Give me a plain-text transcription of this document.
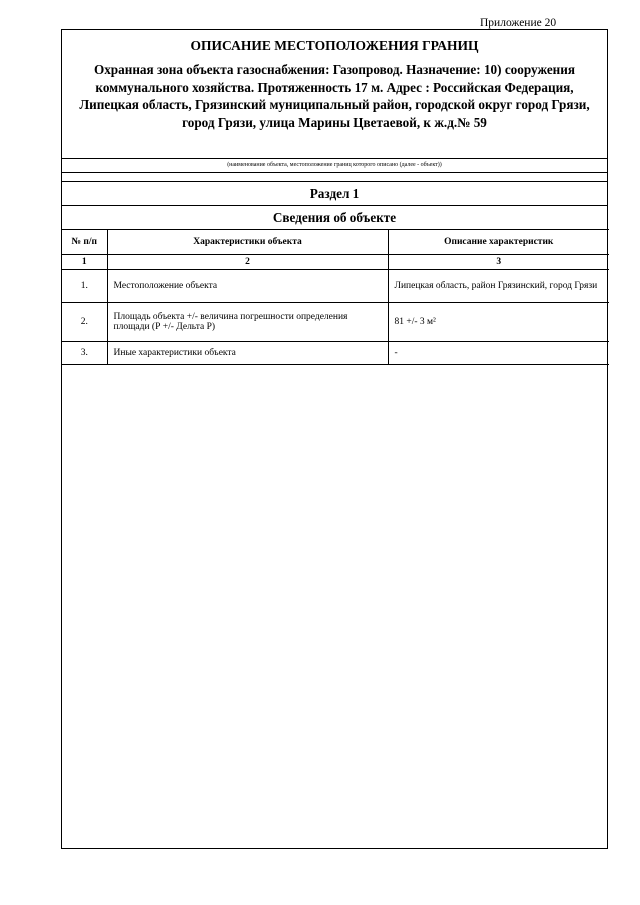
Приложение 20
ОПИСАНИЕ МЕСТОПОЛОЖЕНИЯ ГРАНИЦ
Охранная зона объекта газоснабжения: Газопровод. Назначение: 10) сооружения коммунального хозяйства. Протяженность 17 м. Адрес : Российская Федерация, Липецкая область, Грязинский муниципальный район, городской округ город Грязи, город Грязи, улица Марины Цветаевой, к ж.д.№ 59
(наименование объекта, местоположение границ которого описано (далее - объект))
Раздел 1
Сведения об объекте
№ п/п	Характеристики объекта	Описание характеристик
1	2	3
1.	Местоположение объекта	Липецкая область, район Грязинский, город Грязи
2.	Площадь объекта +/- величина погрешности определения площади (Р +/- Дельта Р)	81 +/- 3 м²
3.	Иные характеристики объекта	-
